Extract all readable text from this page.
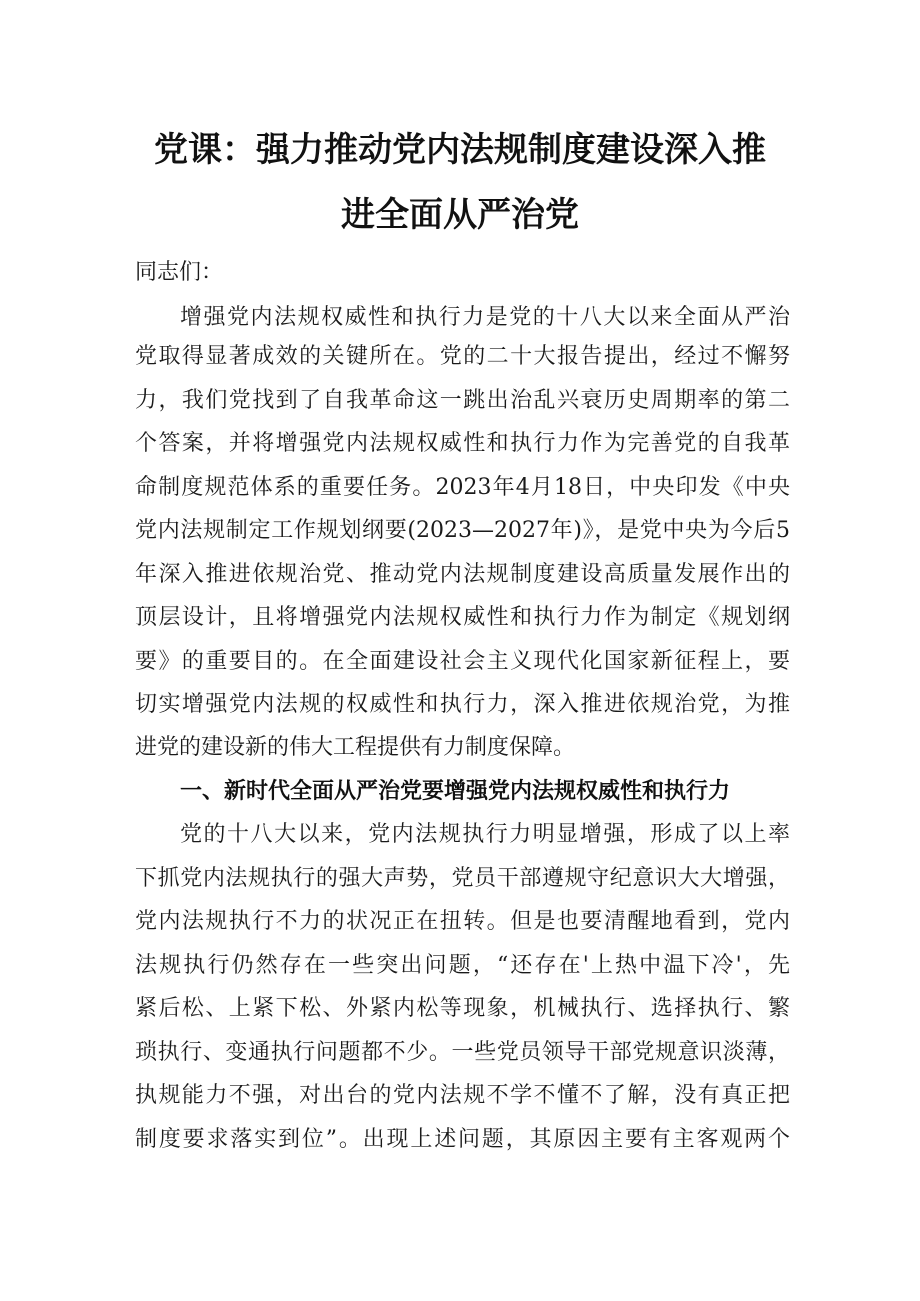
党课：强力推动党内法规制度建设深入推
进全面从严治党
同志们：
增强党内法规权威性和执行力是党的十八大以来全面从严治
党取得显著成效的关键所在。党的二十大报告提出，经过不懈努
力，我们党找到了自我革命这一跳出治乱兴衰历史周期率的第二
个答案，并将增强党内法规权威性和执行力作为完善党的自我革
命制度规范体系的重要任务。2023年4月18日，中央印发《中央
党内法规制定工作规划纲要(2023—2027年)》，是党中央为今后5
年深入推进依规治党、推动党内法规制度建设高质量发展作出的
顶层设计，且将增强党内法规权威性和执行力作为制定《规划纲
要》的重要目的。在全面建设社会主义现代化国家新征程上，要
切实增强党内法规的权威性和执行力，深入推进依规治党，为推
进党的建设新的伟大工程提供有力制度保障。
一、新时代全面从严治党要增强党内法规权威性和执行力
党的十八大以来，党内法规执行力明显增强，形成了以上率
下抓党内法规执行的强大声势，党员干部遵规守纪意识大大增强，
党内法规执行不力的状况正在扭转。但是也要清醒地看到，党内
法规执行仍然存在一些突出问题，“还存在'上热中温下冷'，先
紧后松、上紧下松、外紧内松等现象，机械执行、选择执行、繁
琐执行、变通执行问题都不少。一些党员领导干部党规意识淡薄，
执规能力不强，对出台的党内法规不学不懂不了解，没有真正把
制度要求落实到位”。出现上述问题，其原因主要有主客观两个
